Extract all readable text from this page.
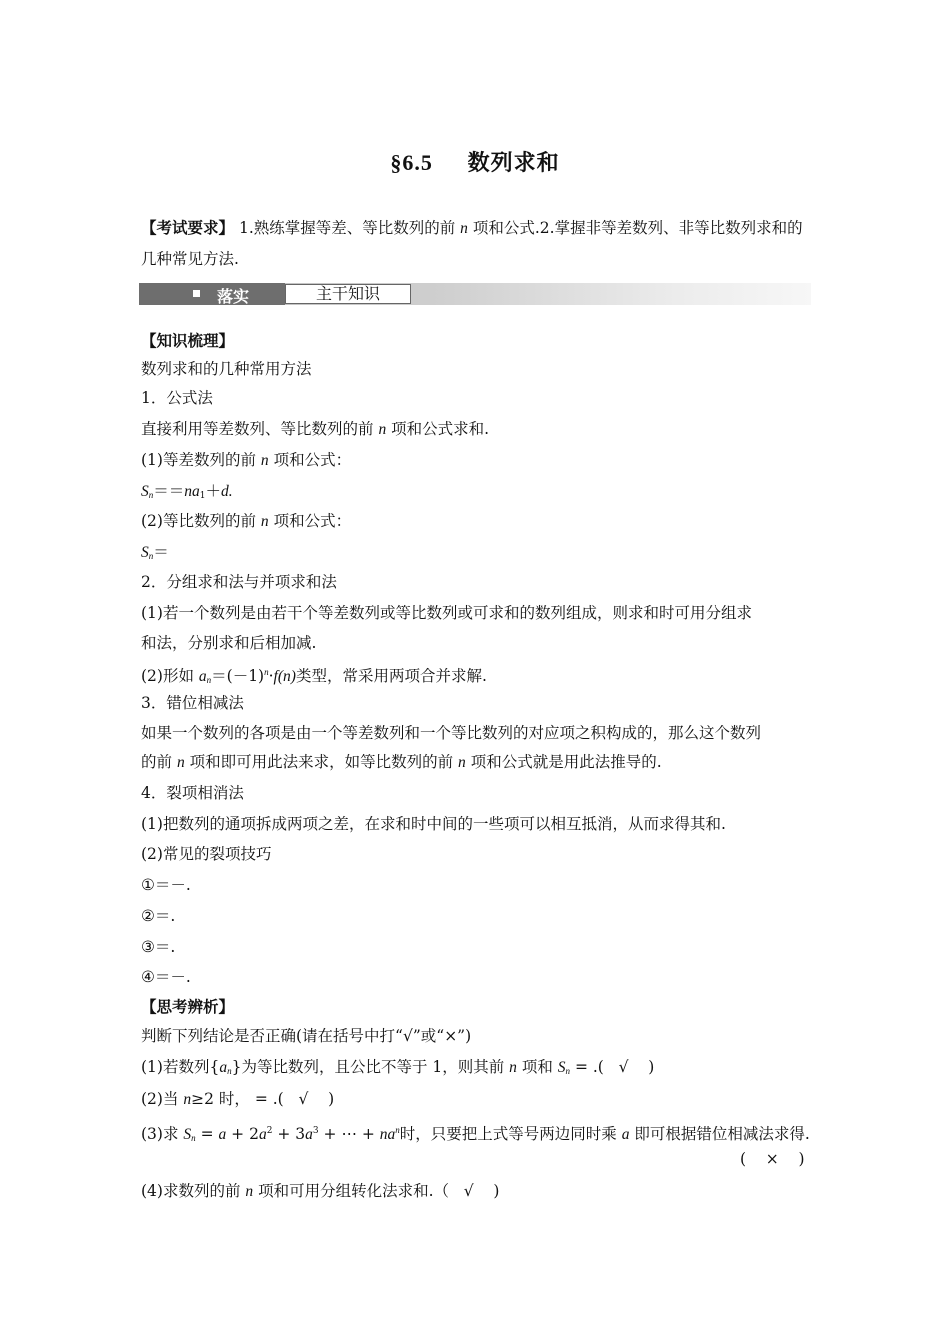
§6.5 数列求和
【考试要求】 1.熟练掌握等差、等比数列的前 n 项和公式.2.掌握非等差数列、非等比数列求和的几种常见方法.
落实	主干知识
【知识梳理】
数列求和的几种常用方法
1．公式法
直接利用等差数列、等比数列的前 n 项和公式求和.
(1)等差数列的前 n 项和公式：
$S_n==na_1+d$.
(2)等比数列的前 n 项和公式：
$S_n=$
2．分组求和法与并项求和法
(1)若一个数列是由若干个等差数列或等比数列或可求和的数列组成，则求和时可用分组求
和法，分别求和后相加减.
(2)形如 $a_n=(-1)^n\cdot f(n)$类型，常采用两项合并求解.
3．错位相减法
如果一个数列的各项是由一个等差数列和一个等比数列的对应项之积构成的，那么这个数列
的前 n 项和即可用此法来求，如等比数列的前 n 项和公式就是用此法推导的.
4．裂项相消法
(1)把数列的通项拆成两项之差，在求和时中间的一些项可以相互抵消，从而求得其和.
(2)常见的裂项技巧
①＝－.
②＝.
③＝.
④＝－.
【思考辨析】
判断下列结论是否正确(请在括号中打“√”或“×”)
(1)若数列$\{a_n\}$为等比数列，且公比不等于 1，则其前 n 项和 $S_n$ = .( √    )
(2)当 n≥2 时， = .( √    )
(3)求 $S_n = a + 2a^2 + 3a^3$ + ⋯ + $na^n$时，只要把上式等号两边同时乘 a 即可根据错位相减法求得.
(    ×    )
(4)求数列的前 n 项和可用分组转化法求和.（ √    )
